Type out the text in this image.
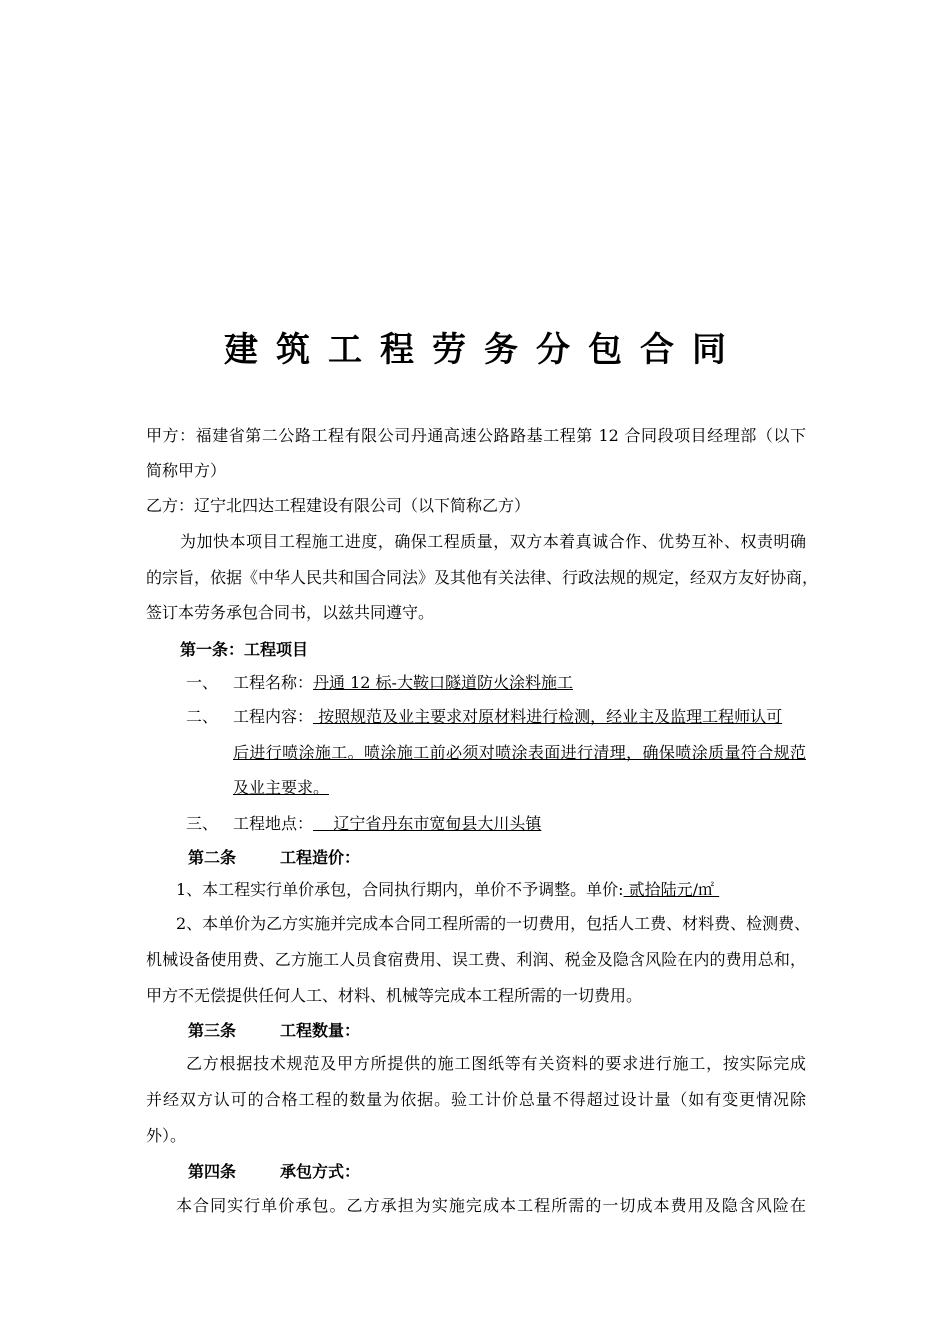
建筑工程劳务分包合同
甲方：福建省第二公路工程有限公司丹通高速公路路基工程第 12 合同段项目经理部（以下
简称甲方）
乙方：辽宁北四达工程建设有限公司（以下简称乙方）
为加快本项目工程施工进度，确保工程质量，双方本着真诚合作、优势互补、权责明确
的宗旨，依据《中华人民共和国合同法》及其他有关法律、行政法规的规定，经双方友好协商，
签订本劳务承包合同书，以兹共同遵守。
第一条：工程项目
一、 工程名称：丹通 12 标-大鞍口隧道防火涂料施工
二、 工程内容： 按照规范及业主要求对原材料进行检测，经业主及监理工程师认可
后进行喷涂施工。喷涂施工前必须对喷涂表面进行清理，确保喷涂质量符合规范
及业主要求。
三、 工程地点：    辽宁省丹东市宽甸县大川头镇
第二条	工程造价：
1、本工程实行单价承包，合同执行期内，单价不予调整。单价: 贰拾陆元/㎡
2、本单价为乙方实施并完成本合同工程所需的一切费用，包括人工费、材料费、检测费、
机械设备使用费、乙方施工人员食宿费用、误工费、利润、税金及隐含风险在内的费用总和，
甲方不无偿提供任何人工、材料、机械等完成本工程所需的一切费用。
第三条	工程数量：
乙方根据技术规范及甲方所提供的施工图纸等有关资料的要求进行施工，按实际完成
并经双方认可的合格工程的数量为依据。验工计价总量不得超过设计量（如有变更情况除
外）。
第四条	承包方式：
本合同实行单价承包。乙方承担为实施完成本工程所需的一切成本费用及隐含风险在
